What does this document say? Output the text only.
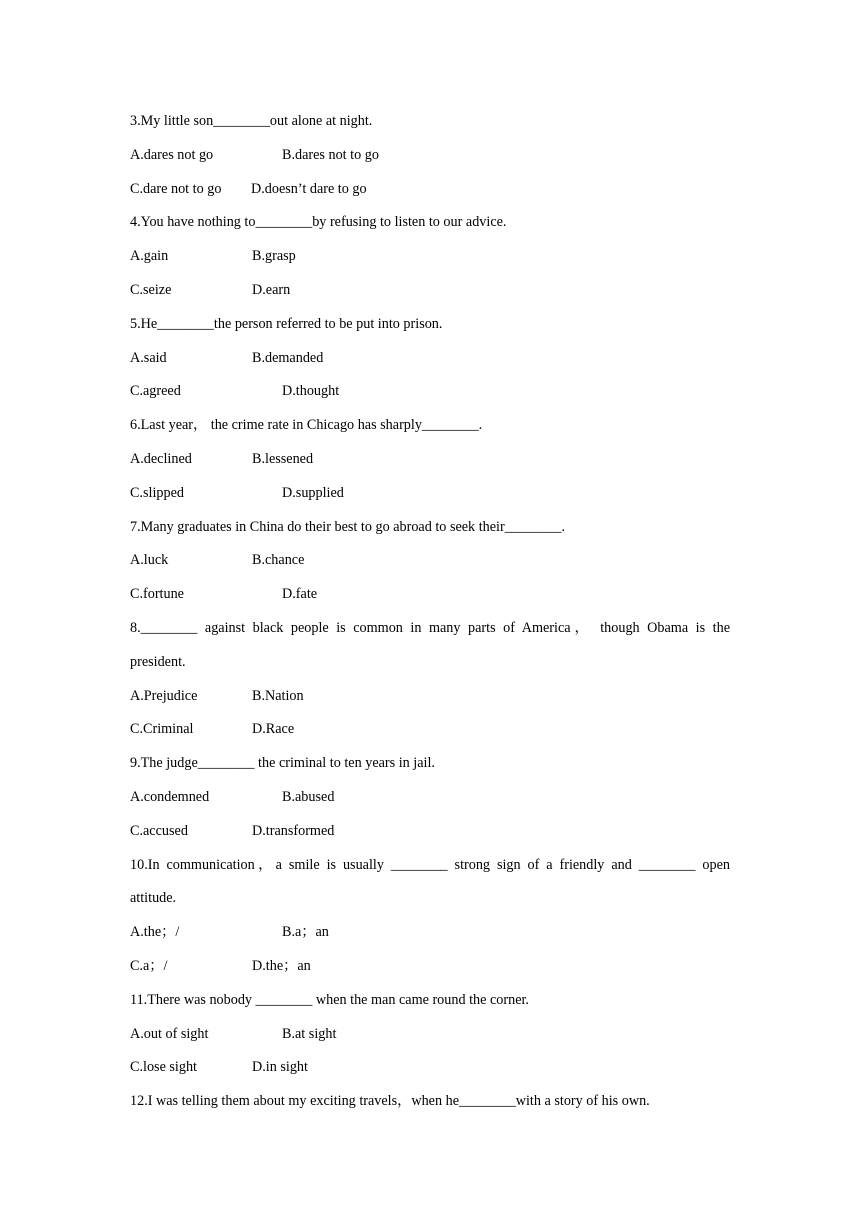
3.My little son________out alone at night.
A.dares not go	B.dares not to go
C.dare not to go D.doesn’t dare to go
4.You have nothing to________by refusing to listen to our advice.
A.gain	B.grasp
C.seize	D.earn
5.He________the person referred to be put into prison.
A.said	B.demanded
C.agreed	D.thought
6.Last year， the crime rate in Chicago has sharply________.
A.declined	B.lessened
C.slipped	D.supplied
7.Many graduates in China do their best to go abroad to seek their________.
A.luck	B.chance
C.fortune	D.fate
8.________ against black people is common in many parts of America， though Obama is the
president.
A.Prejudice	B.Nation
C.Criminal	D.Race
9.The judge________ the criminal to ten years in jail.
A.condemned	B.abused
C.accused	D.transformed
10.In communication，a smile is usually ________ strong sign of a friendly and ________ open
attitude.
A.the；/	B.a；an
C.a；/	D.the；an
11.There was nobody ________ when the man came round the corner.
A.out of sight	B.at sight
C.lose sight	D.in sight
12.I was telling them about my exciting travels，when he________with a story of his own.
